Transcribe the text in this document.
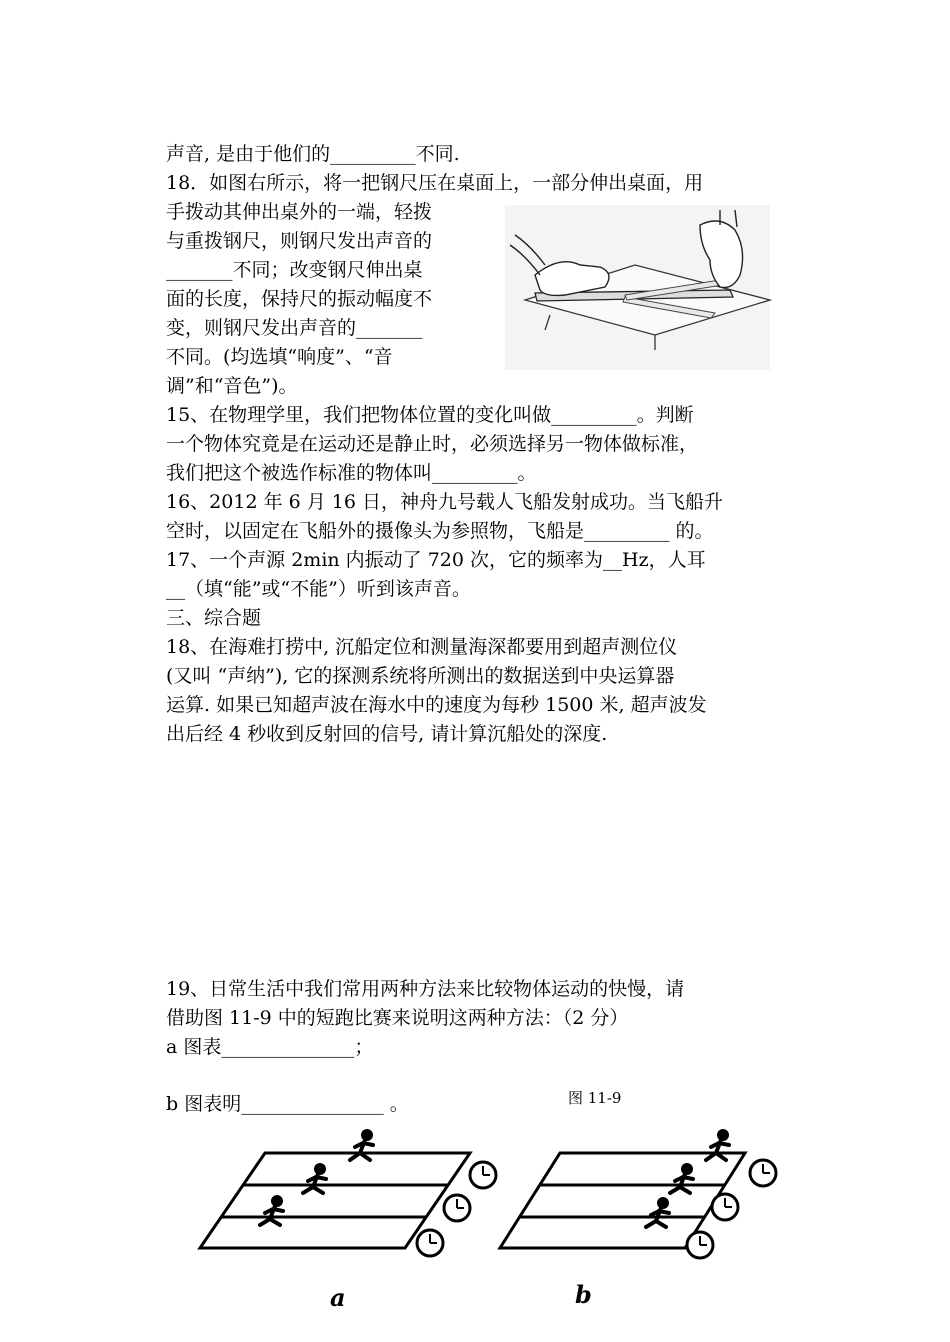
声音, 是由于他们的_________不同.
18．如图右所示，将一把钢尺压在桌面上，一部分伸出桌面，用
手拨动其伸出桌外的一端，轻拨
与重拨钢尺，则钢尺发出声音的
_______不同；改变钢尺伸出桌
面的长度，保持尺的振动幅度不
变，则钢尺发出声音的_______
不同。(均选填“响度”、“音
调”和“音色”)。
15、在物理学里，我们把物体位置的变化叫做_________。判断
一个物体究竟是在运动还是静止时，必须选择另一物体做标准，
我们把这个被选作标准的物体叫_________。
16、2012 年 6 月 16 日，神舟九号载人飞船发射成功。当飞船升
空时，以固定在飞船外的摄像头为参照物，飞船是_________ 的。
17、一个声源 2min 内振动了 720 次，它的频率为__Hz，人耳
__（填“能”或“不能”）听到该声音。
三、综合题
18、在海难打捞中, 沉船定位和测量海深都要用到超声测位仪
(又叫 “声纳”), 它的探测系统将所测出的数据送到中央运算器
运算. 如果已知超声波在海水中的速度为每秒 1500 米, 超声波发
出后经 4 秒收到反射回的信号, 请计算沉船处的深度.
19、日常生活中我们常用两种方法来比较物体运动的快慢，请
借助图 11-9 中的短跑比赛来说明这两种方法：（2 分）
a 图表______________；
b 图表明_______________ 。	图 11-9
a	b
